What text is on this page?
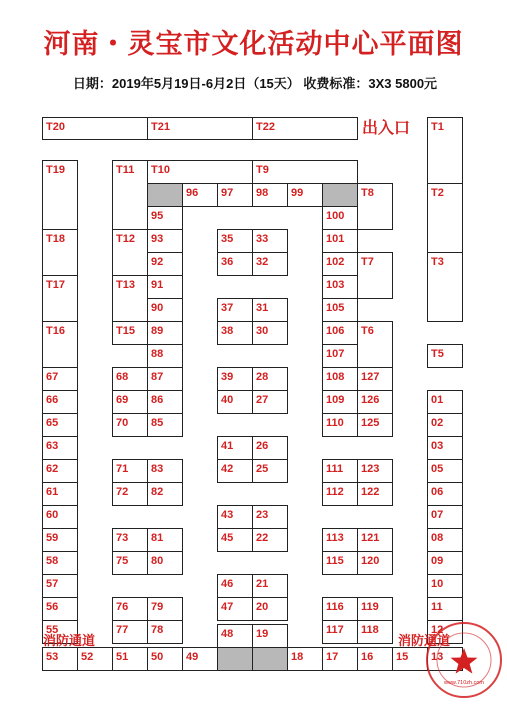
河南・灵宝市文化活动中心平面图
日期：2019年5月19日-6月2日（15天） 收费标准：3X3 5800元
T20	T21	T22	T1
T19	T11 T10	T9
96 97 98 99	T8	T2
95	100
T18	T12 93	35 33	101
92	36 32	102 T7	T3
T17	T13 91	103
90	37 31	105
T16	T15 89	38 30	106 T6
88	107	T5
67	68 87	39 28	108 127
66	69 86	40 27	109 126	01
65	70 85	110 125	02
63	41 26	03
62	71 83	42 25	111 123	05
61	72 82	112 122	06
60	43 23	07
59	73 81	45 22	113 121	08
58	75 80	115 120	09
57	46 21	10
56	76 79	47 20	116 119	11
55	77 78	117 118	12
48 19
53 52 51 50 49	18 17 16 15 13
出入口
消防通道	消防通道
www.710zh.com
